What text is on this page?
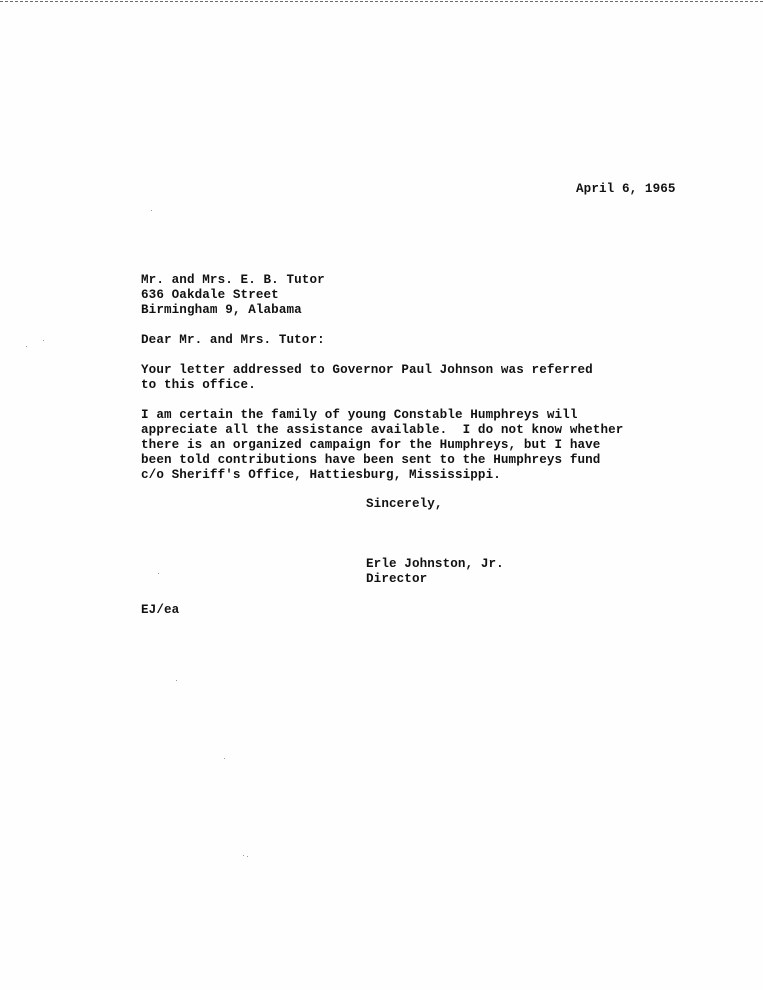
April 6, 1965
Mr. and Mrs. E. B. Tutor
636 Oakdale Street
Birmingham 9, Alabama
Dear Mr. and Mrs. Tutor:
Your letter addressed to Governor Paul Johnson was referred
to this office.
I am certain the family of young Constable Humphreys will
appreciate all the assistance available.  I do not know whether
there is an organized campaign for the Humphreys, but I have
been told contributions have been sent to the Humphreys fund
c/o Sheriff's Office, Hattiesburg, Mississippi.
Sincerely,
Erle Johnston, Jr.
Director
EJ/ea
